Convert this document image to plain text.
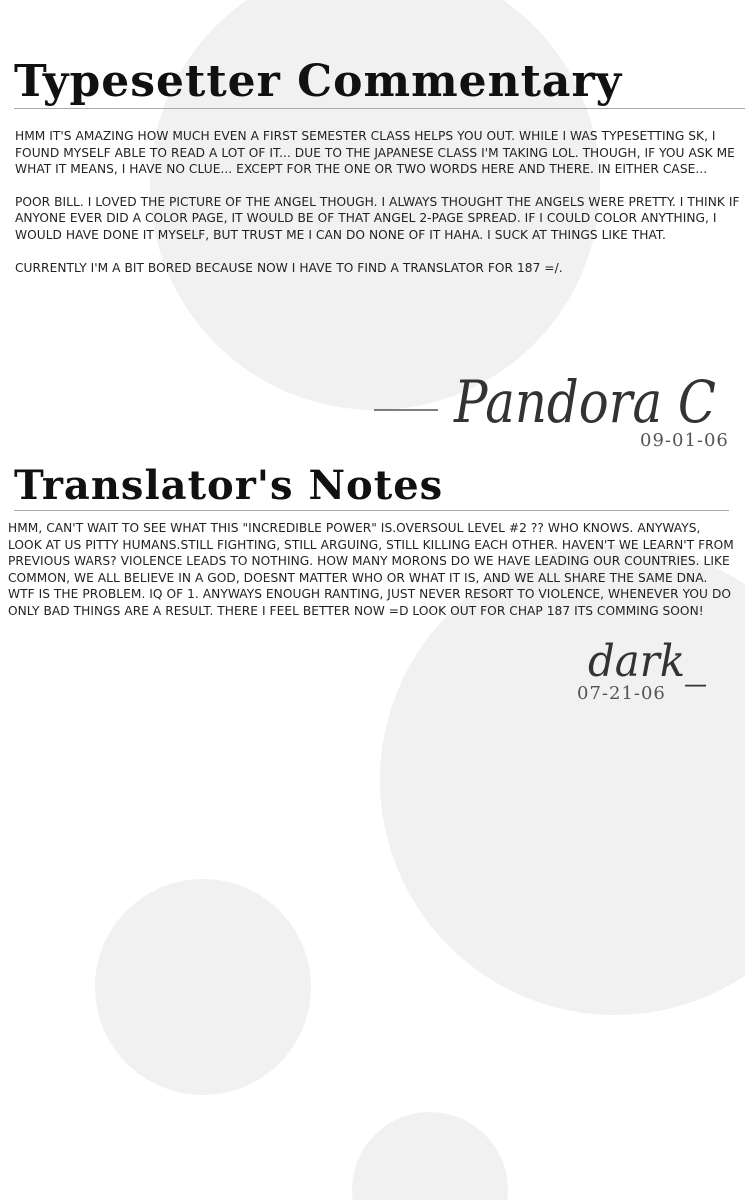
Typesetter Commentary

HMM IT'S AMAZING HOW MUCH EVEN A FIRST SEMESTER CLASS HELPS YOU OUT. WHILE I WAS TYPESETTING SK, I FOUND MYSELF ABLE TO READ A LOT OF IT... DUE TO THE JAPANESE CLASS I'M TAKING LOL. THOUGH, IF YOU ASK ME WHAT IT MEANS, I HAVE NO CLUE... EXCEPT FOR THE ONE OR TWO WORDS HERE AND THERE. IN EITHER CASE...

POOR BILL. I LOVED THE PICTURE OF THE ANGEL THOUGH. I ALWAYS THOUGHT THE ANGELS WERE PRETTY. I THINK IF ANYONE EVER DID A COLOR PAGE, IT WOULD BE OF THAT ANGEL 2-PAGE SPREAD. IF I COULD COLOR ANYTHING, I WOULD HAVE DONE IT MYSELF, BUT TRUST ME I CAN DO NONE OF IT HAHA. I SUCK AT THINGS LIKE THAT.

CURRENTLY I'M A BIT BORED BECAUSE NOW I HAVE TO FIND A TRANSLATOR FOR 187 =/.

Pandora C
09-01-06
Translator's Notes

HMM, CAN'T WAIT TO SEE WHAT THIS "INCREDIBLE POWER" IS.OVERSOUL LEVEL #2 ?? WHO KNOWS. ANYWAYS, LOOK AT US PITTY HUMANS.STILL FIGHTING, STILL ARGUING, STILL KILLING EACH OTHER. HAVEN'T WE LEARN'T FROM PREVIOUS WARS? VIOLENCE LEADS TO NOTHING. HOW MANY MORONS DO WE HAVE LEADING OUR COUNTRIES. LIKE COMMON, WE ALL BELIEVE IN A GOD, DOESNT MATTER WHO OR WHAT IT IS, AND WE ALL SHARE THE SAME DNA. WTF IS THE PROBLEM. IQ OF 1. ANYWAYS ENOUGH RANTING, JUST NEVER RESORT TO VIOLENCE, WHENEVER YOU DO ONLY BAD THINGS ARE A RESULT. THERE I FEEL BETTER NOW =D LOOK OUT FOR CHAP 187 ITS COMMING SOON!

dark_
07-21-06
